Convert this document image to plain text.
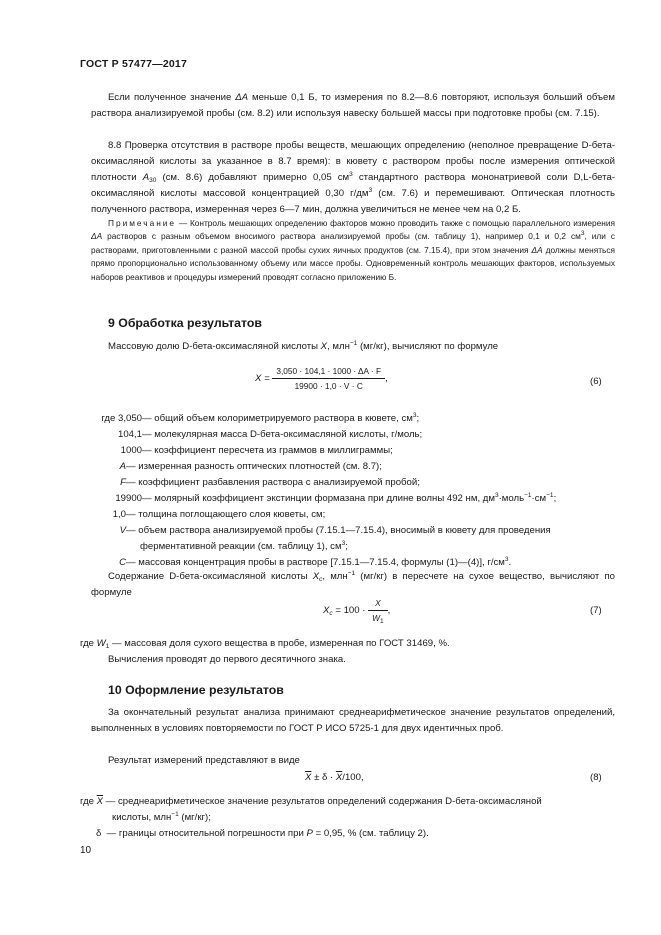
ГОСТ Р 57477—2017

Если полученное значение ΔA меньше 0,1 Б, то измерения по 8.2—8.6 повторяют, используя больший объем раствора анализируемой пробы (см. 8.2) или используя навеску большей массы при подготовке пробы (см. 7.15).

8.8 Проверка отсутствия в растворе пробы веществ, мешающих определению (неполное превращение D-бета-оксимасляной кислоты за указанное в 8.7 время): в кювету с раствором пробы после измерения оптической плотности $A_{30}$ (см. 8.6) добавляют примерно 0,05 $см^3$ стандартного раствора мононатриевой соли D,L-бета-оксимасляной кислоты массовой концентрацией 0,30 $г/дм^3$ (см. 7.6) и перемешивают. Оптическая плотность полученного раствора, измеренная через 6—7 мин, должна увеличиться не менее чем на 0,2 Б.

Примечание — Контроль мешающих определению факторов можно проводить также с помощью параллельного измерения ΔA растворов с разным объемом вносимого раствора анализируемой пробы (см. таблицу 1), например 0,1 и 0,2 $см^3$, или с растворами, приготовленными с разной массой пробы сухих яичных продуктов (см. 7.15.4), при этом значения ΔA должны меняться прямо пропорционально использованному объему или массе пробы. Одновременный контроль мешающих факторов, используемых наборов реактивов и процедуры измерений проводят согласно приложению Б.

9 Обработка результатов

Массовую долю D-бета-оксимасляной кислоты X, млн$^{-1}$ (мг/кг), вычисляют по формуле

$X = \frac{3,050 \cdot 104,1 \cdot 1000 \cdot \Delta A \cdot F}{19900 \cdot 1,0 \cdot V \cdot C}$ ,	(6)
где 3,050 — общий объем колориметрируемого раствора в кювете, $см^3$;
104,1 — молекулярная масса D-бета-оксимасляной кислоты, г/моль;
1000 — коэффициент пересчета из граммов в миллиграммы;
A — измеренная разность оптических плотностей (см. 8.7);
F — коэффициент разбавления раствора с анализируемой пробой;
19900 — молярный коэффициент экстинции формазана при длине волны 492 нм, $дм^3\cdot моль^{-1}\cdot см^{-1}$;
1,0 — толщина поглощающего слоя кюветы, см;
V — объем раствора анализируемой пробы (7.15.1—7.15.4), вносимый в кювету для проведения
ферментативной реакции (см. таблицу 1), $см^3$;
C — массовая концентрация пробы в растворе [7.15.1—7.15.4, формулы (1)—(4)], $г/см^3$.

Содержание D-бета-оксимасляной кислоты $X_c$, млн$^{-1}$ (мг/кг) в пересчете на сухое вещество, вычисляют по формуле

$X_c = 100 \cdot \frac{X}{W_1}$ ,	(7)

где $W_1$ — массовая доля сухого вещества в пробе, измеренная по ГОСТ 31469, %.

Вычисления проводят до первого десятичного знака.

10 Оформление результатов

За окончательный результат анализа принимают среднеарифметическое значение результатов определений, выполненных в условиях повторяемости по ГОСТ Р ИСО 5725-1 для двух идентичных проб.

Результат измерений представляют в виде

$\overline{X} \pm \delta \cdot \overline{X}/100$,	(8)

где $\overline{X}$ — среднеарифметическое значение результатов определений содержания D-бета-оксимасляной
кислоты, млн$^{-1}$ (мг/кг);

δ  — границы относительной погрешности при P = 0,95, % (см. таблицу 2).

10
